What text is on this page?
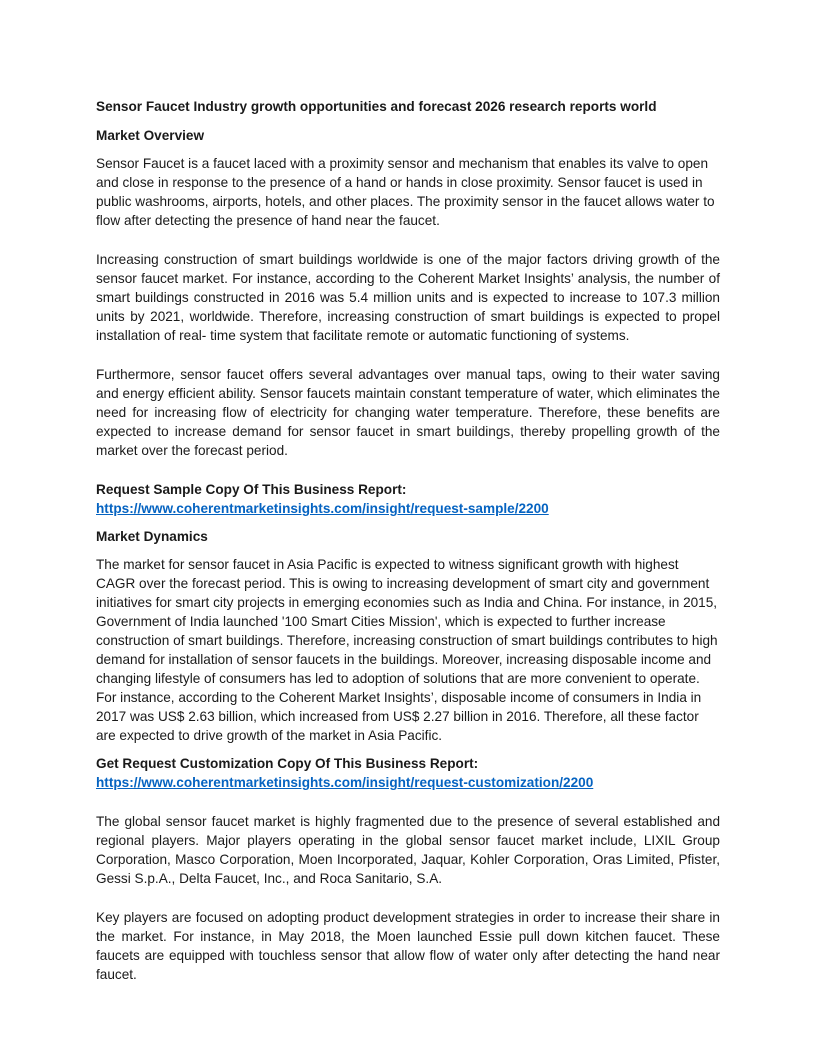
Sensor Faucet Industry growth opportunities and forecast 2026 research reports world
Market Overview

Sensor Faucet is a faucet laced with a proximity sensor and mechanism that enables its valve to open and close in response to the presence of a hand or hands in close proximity. Sensor faucet is used in public washrooms, airports, hotels, and other places. The proximity sensor in the faucet allows water to flow after detecting the presence of hand near the faucet.

Increasing construction of smart buildings worldwide is one of the major factors driving growth of the sensor faucet market. For instance, according to the Coherent Market Insights’ analysis, the number of smart buildings constructed in 2016 was 5.4 million units and is expected to increase to 107.3 million units by 2021, worldwide. Therefore, increasing construction of smart buildings is expected to propel installation of real- time system that facilitate remote or automatic functioning of systems.

Furthermore, sensor faucet offers several advantages over manual taps, owing to their water saving and energy efficient ability. Sensor faucets maintain constant temperature of water, which eliminates the need for increasing flow of electricity for changing water temperature. Therefore, these benefits are expected to increase demand for sensor faucet in smart buildings, thereby propelling growth of the market over the forecast period.

Request Sample Copy Of This Business Report:

https://www.coherentmarketinsights.com/insight/request-sample/2200
Market Dynamics

The market for sensor faucet in Asia Pacific is expected to witness significant growth with highest CAGR over the forecast period. This is owing to increasing development of smart city and government initiatives for smart city projects in emerging economies such as India and China. For instance, in 2015, Government of India launched '100 Smart Cities Mission', which is expected to further increase construction of smart buildings. Therefore, increasing construction of smart buildings contributes to high demand for installation of sensor faucets in the buildings. Moreover, increasing disposable income and changing lifestyle of consumers has led to adoption of solutions that are more convenient to operate. For instance, according to the Coherent Market Insights’, disposable income of consumers in India in 2017 was US$ 2.63 billion, which increased from US$ 2.27 billion in 2016. Therefore, all these factor are expected to drive growth of the market in Asia Pacific.

Get Request Customization Copy Of This Business Report:

https://www.coherentmarketinsights.com/insight/request-customization/2200

The global sensor faucet market is highly fragmented due to the presence of several established and regional players. Major players operating in the global sensor faucet market include, LIXIL Group Corporation, Masco Corporation, Moen Incorporated, Jaquar, Kohler Corporation, Oras Limited, Pfister, Gessi S.p.A., Delta Faucet, Inc., and Roca Sanitario, S.A.

Key players are focused on adopting product development strategies in order to increase their share in the market. For instance, in May 2018, the Moen launched Essie pull down kitchen faucet. These faucets are equipped with touchless sensor that allow flow of water only after detecting the hand near faucet.
